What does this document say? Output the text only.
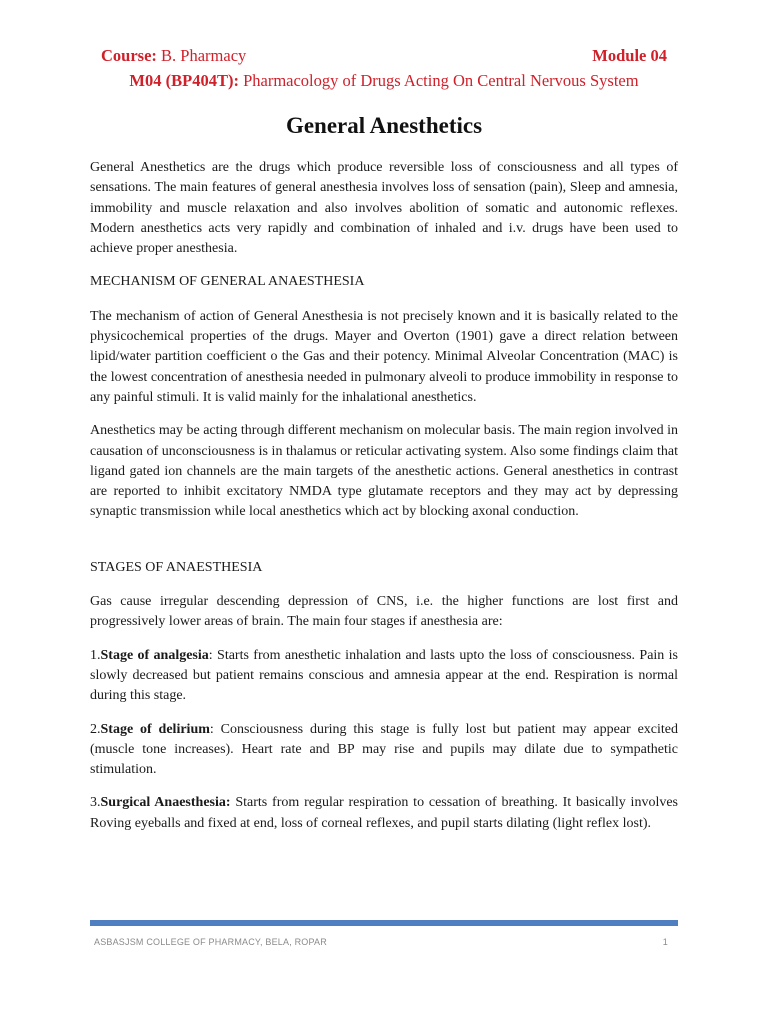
Course: B. Pharmacy	Module 04
M04 (BP404T): Pharmacology of Drugs Acting On Central Nervous System
General Anesthetics

General Anesthetics are the drugs which produce reversible loss of consciousness and all types of sensations. The main features of general anesthesia involves loss of sensation (pain), Sleep and amnesia, immobility and muscle relaxation and also involves abolition of somatic and autonomic reflexes. Modern anesthetics acts very rapidly and combination of inhaled and i.v. drugs have been used to achieve proper anesthesia.

MECHANISM OF GENERAL ANAESTHESIA

The mechanism of action of General Anesthesia is not precisely known and it is basically related to the physicochemical properties of the drugs. Mayer and Overton (1901) gave a direct relation between lipid/water partition coefficient o the Gas and their potency. Minimal Alveolar Concentration (MAC) is the lowest concentration of anesthesia needed in pulmonary alveoli to produce immobility in response to any painful stimuli. It is valid mainly for the inhalational anesthetics.

Anesthetics may be acting through different mechanism on molecular basis. The main region involved in causation of unconsciousness is in thalamus or reticular activating system. Also some findings claim that ligand gated ion channels are the main targets of the anesthetic actions. General anesthetics in contrast are reported to inhibit excitatory NMDA type glutamate receptors and they may act by depressing synaptic transmission while local anesthetics which act by blocking axonal conduction.

STAGES OF ANAESTHESIA

Gas cause irregular descending depression of CNS, i.e. the higher functions are lost first and progressively lower areas of brain. The main four stages if anesthesia are:

1.Stage of analgesia: Starts from anesthetic inhalation and lasts upto the loss of consciousness. Pain is slowly decreased but patient remains conscious and amnesia appear at the end. Respiration is normal during this stage.

2.Stage of delirium: Consciousness during this stage is fully lost but patient may appear excited (muscle tone increases). Heart rate and BP may rise and pupils may dilate due to sympathetic stimulation.

3.Surgical Anaesthesia: Starts from regular respiration to cessation of breathing. It basically involves Roving eyeballs and fixed at end, loss of corneal reflexes, and pupil starts dilating (light reflex lost).

ASBASJSM COLLEGE OF PHARMACY, BELA, ROPAR	1
